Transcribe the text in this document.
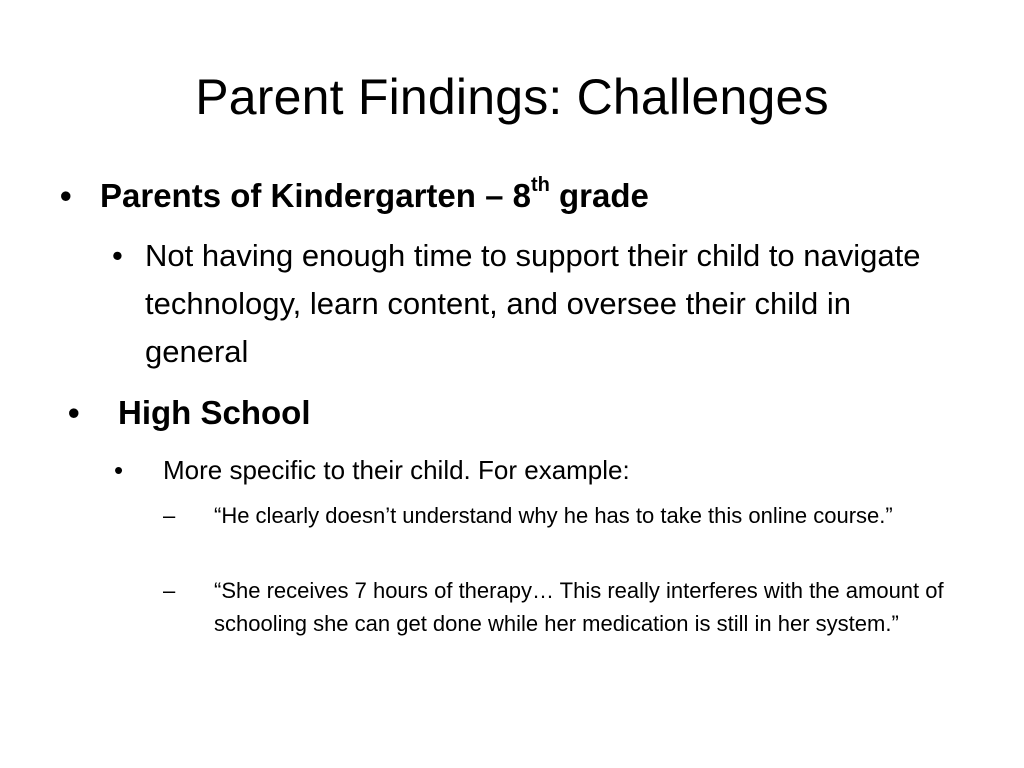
Parent Findings: Challenges
• Parents of Kindergarten – 8th grade
• Not having enough time to support their child to navigate technology, learn content, and oversee their child in general
• High School
• More specific to their child. For example:
– “He clearly doesn’t understand why he has to take this online course.”
– “She receives 7 hours of therapy… This really interferes with the amount of schooling she can get done while her medication is still in her system.”
